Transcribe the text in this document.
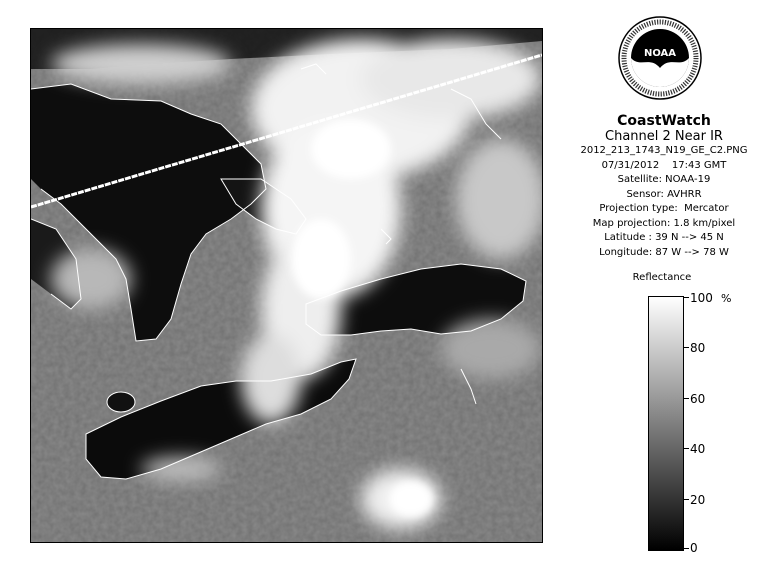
NOAA
CoastWatch
Channel 2 Near IR
2012_213_1743_N19_GE_C2.PNG
07/31/2012    17:43 GMT
Satellite: NOAA-19
Sensor: AVHRR
Projection type:  Mercator
Map projection: 1.8 km/pixel
Latitude : 39 N --> 45 N
Longitude: 87 W --> 78 W
Reflectance
%
100
80
60
40
20
0
